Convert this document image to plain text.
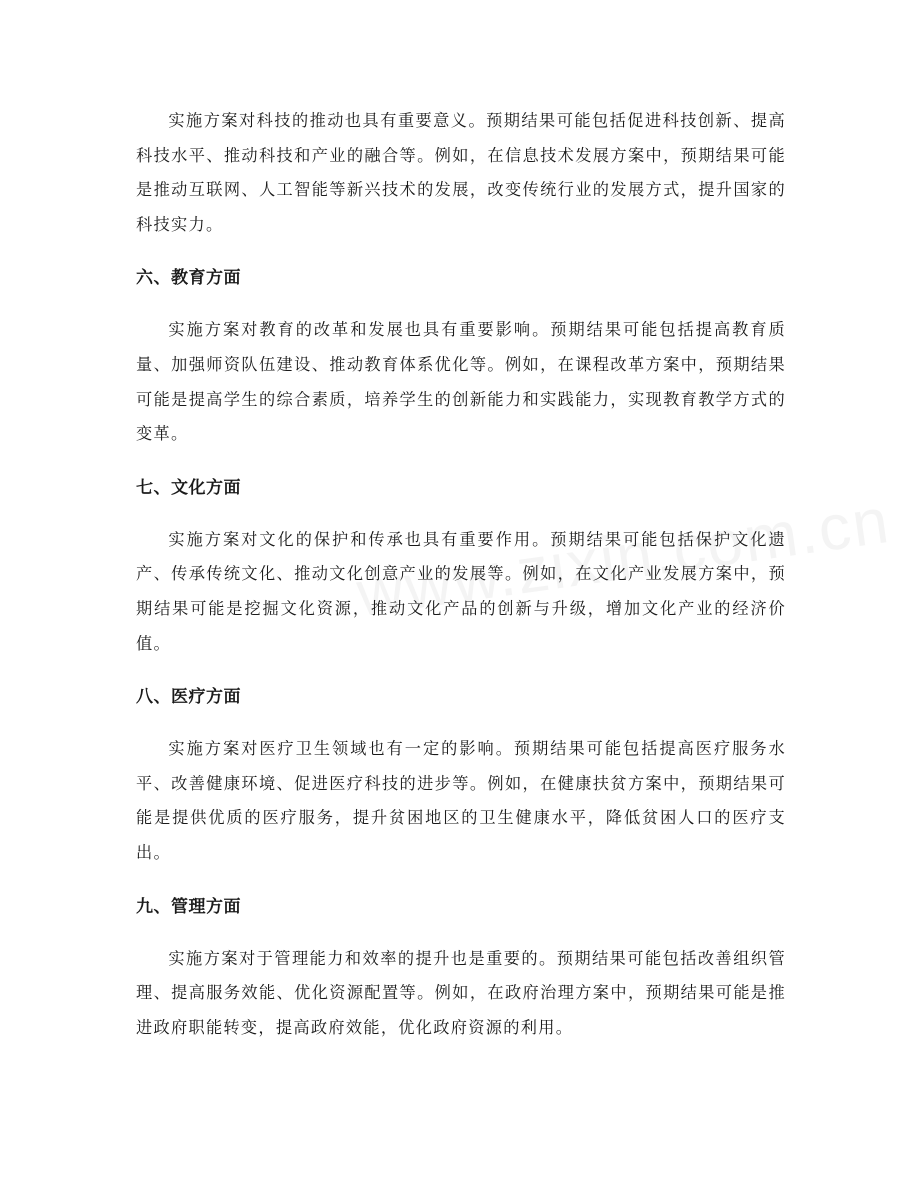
实施方案对科技的推动也具有重要意义。预期结果可能包括促进科技创新、提高科技水平、推动科技和产业的融合等。例如，在信息技术发展方案中，预期结果可能是推动互联网、人工智能等新兴技术的发展，改变传统行业的发展方式，提升国家的科技实力。

六、教育方面

实施方案对教育的改革和发展也具有重要影响。预期结果可能包括提高教育质量、加强师资队伍建设、推动教育体系优化等。例如，在课程改革方案中，预期结果可能是提高学生的综合素质，培养学生的创新能力和实践能力，实现教育教学方式的变革。

七、文化方面

实施方案对文化的保护和传承也具有重要作用。预期结果可能包括保护文化遗产、传承传统文化、推动文化创意产业的发展等。例如，在文化产业发展方案中，预期结果可能是挖掘文化资源，推动文化产品的创新与升级，增加文化产业的经济价值。

八、医疗方面

实施方案对医疗卫生领域也有一定的影响。预期结果可能包括提高医疗服务水平、改善健康环境、促进医疗科技的进步等。例如，在健康扶贫方案中，预期结果可能是提供优质的医疗服务，提升贫困地区的卫生健康水平，降低贫困人口的医疗支出。

九、管理方面

实施方案对于管理能力和效率的提升也是重要的。预期结果可能包括改善组织管理、提高服务效能、优化资源配置等。例如，在政府治理方案中，预期结果可能是推进政府职能转变，提高政府效能，优化政府资源的利用。
